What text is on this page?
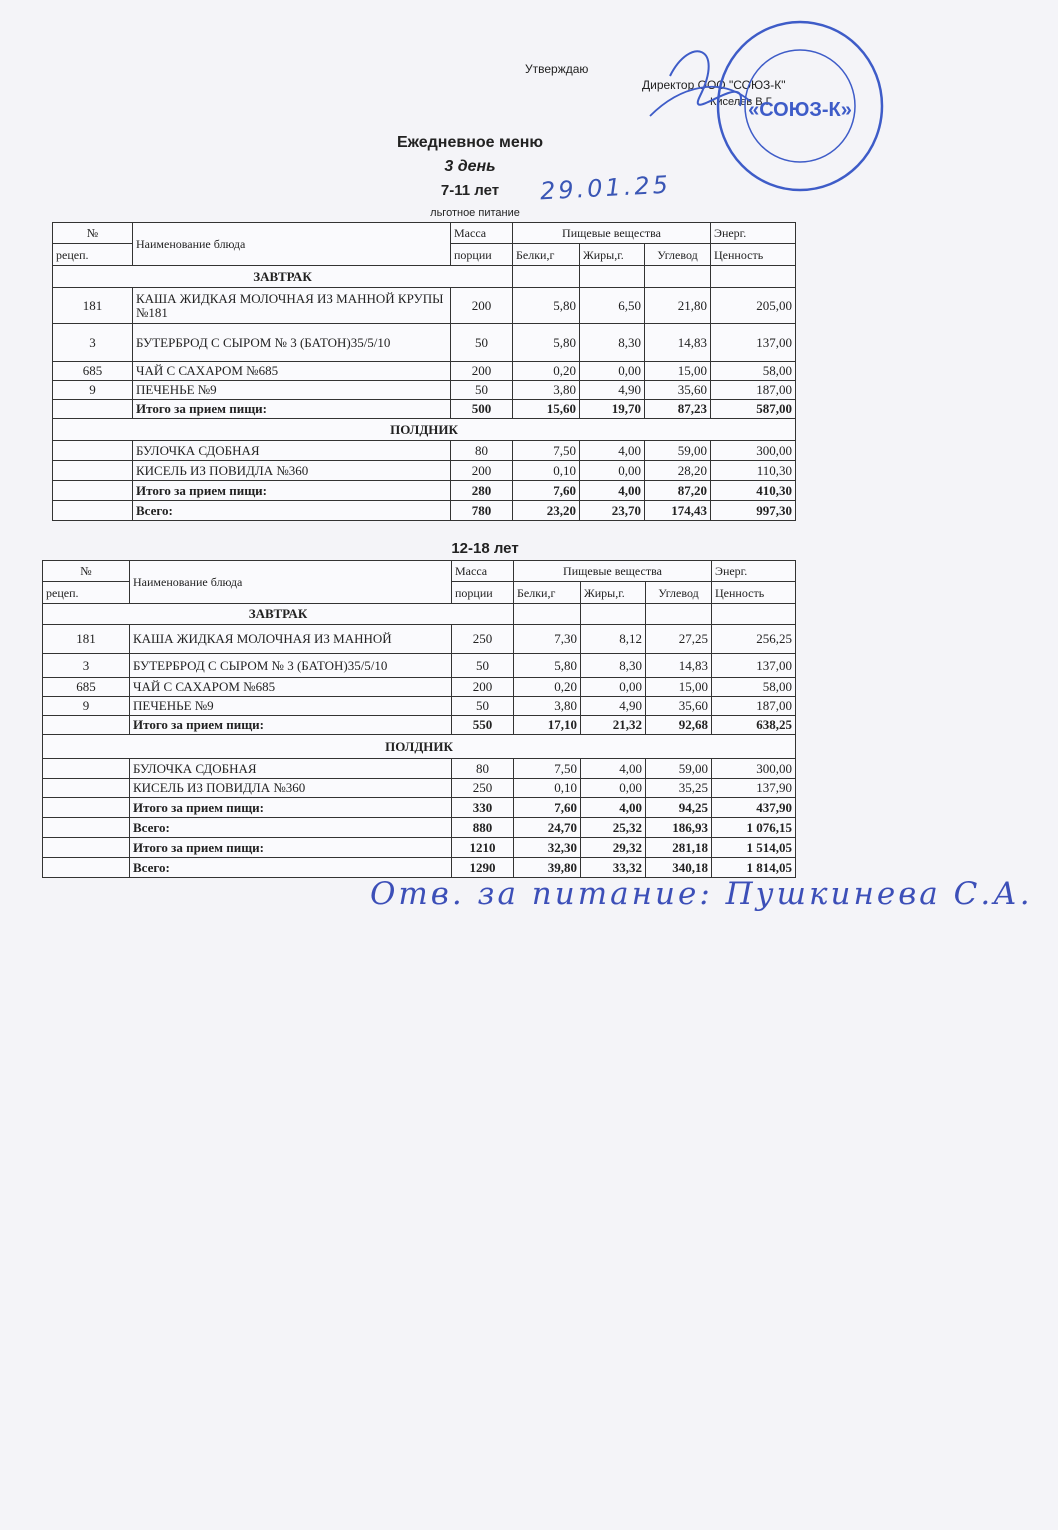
Утверждаю
Директор ООО "СОЮЗ-К"
Киселев В.Г.
«СОЮЗ-К»
Ежедневное меню
3 день
7-11 лет	29.01.25
льготное питание
№	Наименование блюда	Масса	Пищевые вещества			Энерг.
рецеп.		порции	Белки,г	Жиры,г.	Углевод	Ценность
ЗАВТРАК						
181	КАША ЖИДКАЯ МОЛОЧНАЯ ИЗ МАННОЙ КРУПЫ №181	200	5,80	6,50	21,80	205,00
3	БУТЕРБРОД С СЫРОМ № 3 (БАТОН)35/5/10	50	5,80	8,30	14,83	137,00
685	ЧАЙ С САХАРОМ №685	200	0,20	0,00	15,00	58,00
9	ПЕЧЕНЬЕ №9	50	3,80	4,90	35,60	187,00
	Итого за прием пищи:	500	15,60	19,70	87,23	587,00
ПОЛДНИК						
	БУЛОЧКА СДОБНАЯ	80	7,50	4,00	59,00	300,00
	КИСЕЛЬ ИЗ ПОВИДЛА №360	200	0,10	0,00	28,20	110,30
	Итого за прием пищи:	280	7,60	4,00	87,20	410,30
	Всего:	780	23,20	23,70	174,43	997,30
12-18 лет
№	Наименование блюда	Масса	Пищевые вещества			Энерг.
рецеп.		порции	Белки,г	Жиры,г.	Углевод	Ценность
ЗАВТРАК						
181	КАША ЖИДКАЯ МОЛОЧНАЯ ИЗ МАННОЙ	250	7,30	8,12	27,25	256,25
3	БУТЕРБРОД С СЫРОМ № 3 (БАТОН)35/5/10	50	5,80	8,30	14,83	137,00
685	ЧАЙ С САХАРОМ №685	200	0,20	0,00	15,00	58,00
9	ПЕЧЕНЬЕ №9	50	3,80	4,90	35,60	187,00
	Итого за прием пищи:	550	17,10	21,32	92,68	638,25
ПОЛДНИК						
	БУЛОЧКА СДОБНАЯ	80	7,50	4,00	59,00	300,00
	КИСЕЛЬ ИЗ ПОВИДЛА №360	250	0,10	0,00	35,25	137,90
	Итого за прием пищи:	330	7,60	4,00	94,25	437,90
	Всего:	880	24,70	25,32	186,93	1 076,15
	Итого за прием пищи:	1210	32,30	29,32	281,18	1 514,05
	Всего:	1290	39,80	33,32	340,18	1 814,05
Отв. за питание: Пушкинева С.А.
